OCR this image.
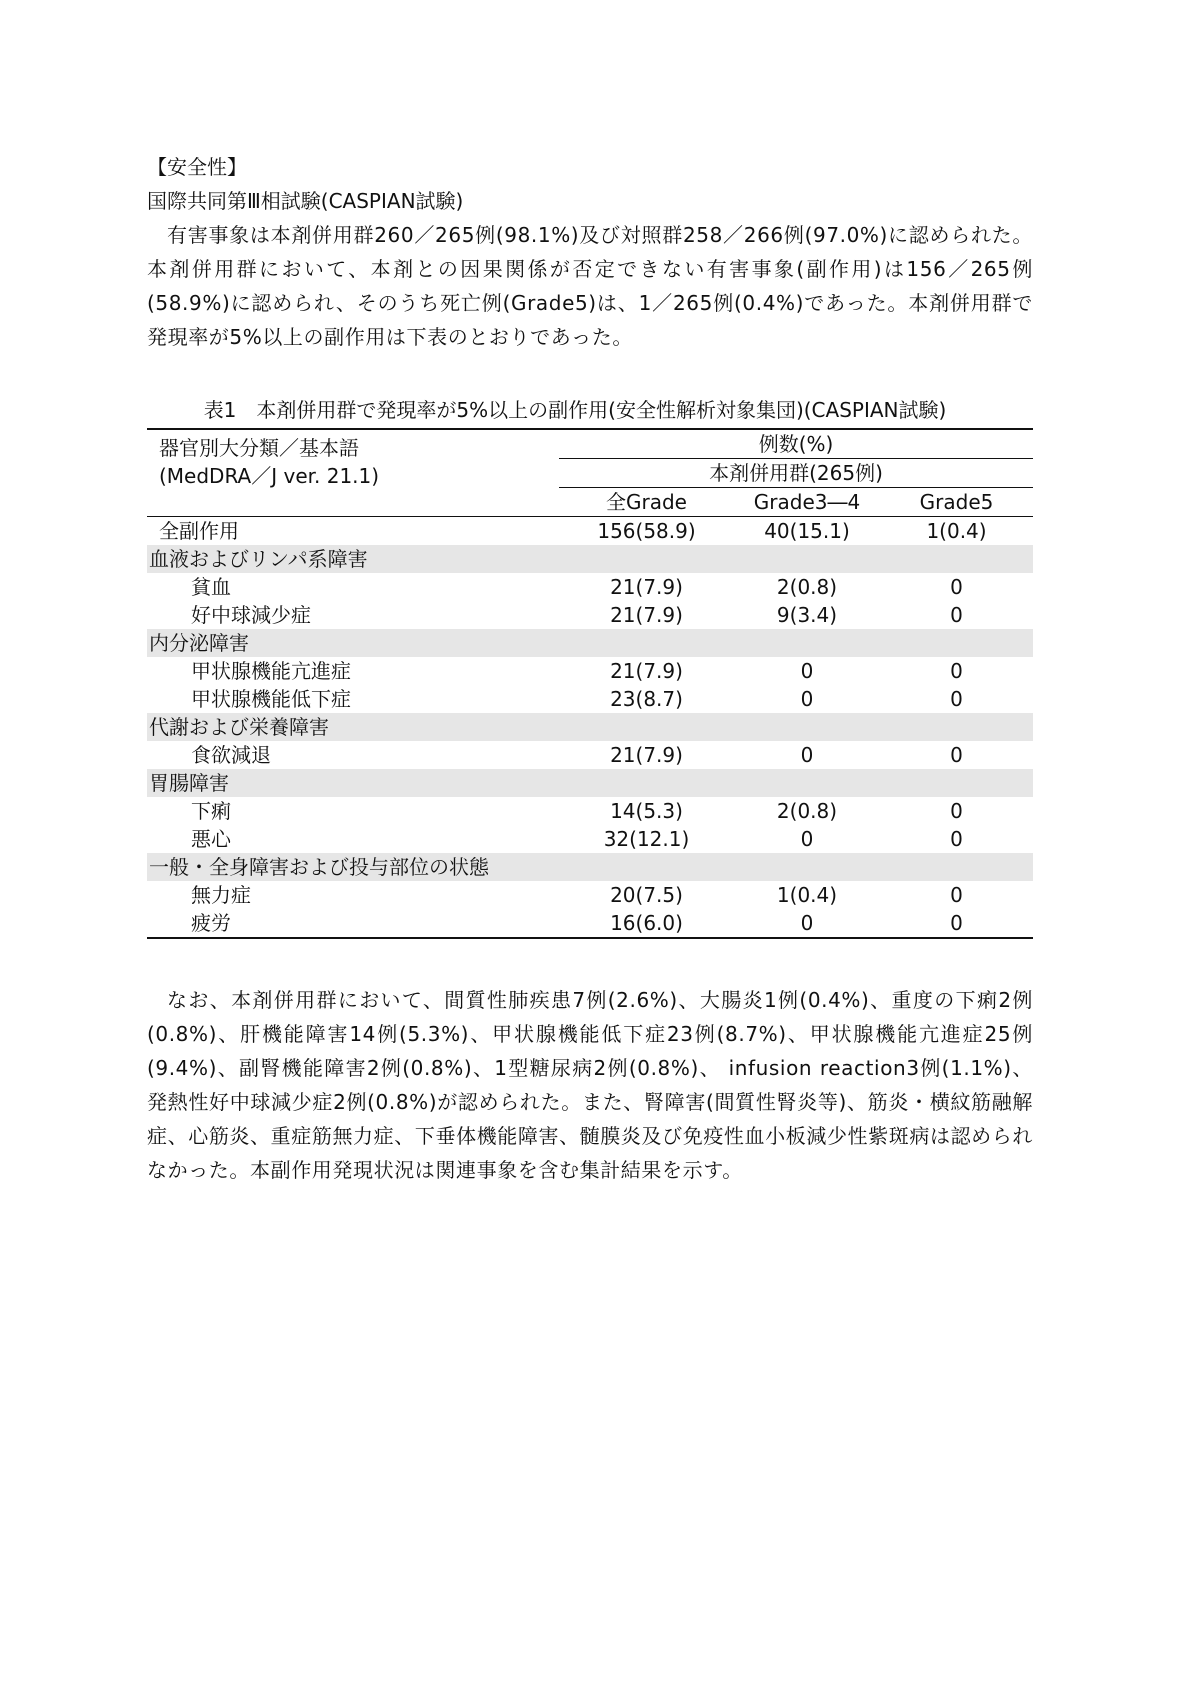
【安全性】
国際共同第Ⅲ相試験(CASPIAN試験)

有害事象は本剤併用群260／265例(98.1%)及び対照群258／266例(97.0%)に認められた。本剤併用群において、本剤との因果関係が否定できない有害事象(副作用)は156／265例(58.9%)に認められ、そのうち死亡例(Grade5)は、1／265例(0.4%)であった。本剤併用群で発現率が5%以上の副作用は下表のとおりであった。

表1　本剤併用群で発現率が5%以上の副作用(安全性解析対象集団)(CASPIAN試験)
器官別大分類／基本語
(MedDRA／J ver. 21.1)	例数(%)		
	本剤併用群(265例)		
	全Grade	Grade3―4	Grade5
全副作用	156(58.9)	40(15.1)	1(0.4)
血液およびリンパ系障害			
貧血	21(7.9)	2(0.8)	0
好中球減少症	21(7.9)	9(3.4)	0
内分泌障害			
甲状腺機能亢進症	21(7.9)	0	0
甲状腺機能低下症	23(8.7)	0	0
代謝および栄養障害			
食欲減退	21(7.9)	0	0
胃腸障害			
下痢	14(5.3)	2(0.8)	0
悪心	32(12.1)	0	0
一般・全身障害および投与部位の状態			
無力症	20(7.5)	1(0.4)	0
疲労	16(6.0)	0	0

なお、本剤併用群において、間質性肺疾患7例(2.6%)、大腸炎1例(0.4%)、重度の下痢2例(0.8%)、肝機能障害14例(5.3%)、甲状腺機能低下症23例(8.7%)、甲状腺機能亢進症25例(9.4%)、副腎機能障害2例(0.8%)、1型糖尿病2例(0.8%)、 infusion reaction3例(1.1%)、発熱性好中球減少症2例(0.8%)が認められた。また、腎障害(間質性腎炎等)、筋炎・横紋筋融解症、心筋炎、重症筋無力症、下垂体機能障害、髄膜炎及び免疫性血小板減少性紫斑病は認められなかった。本副作用発現状況は関連事象を含む集計結果を示す。
